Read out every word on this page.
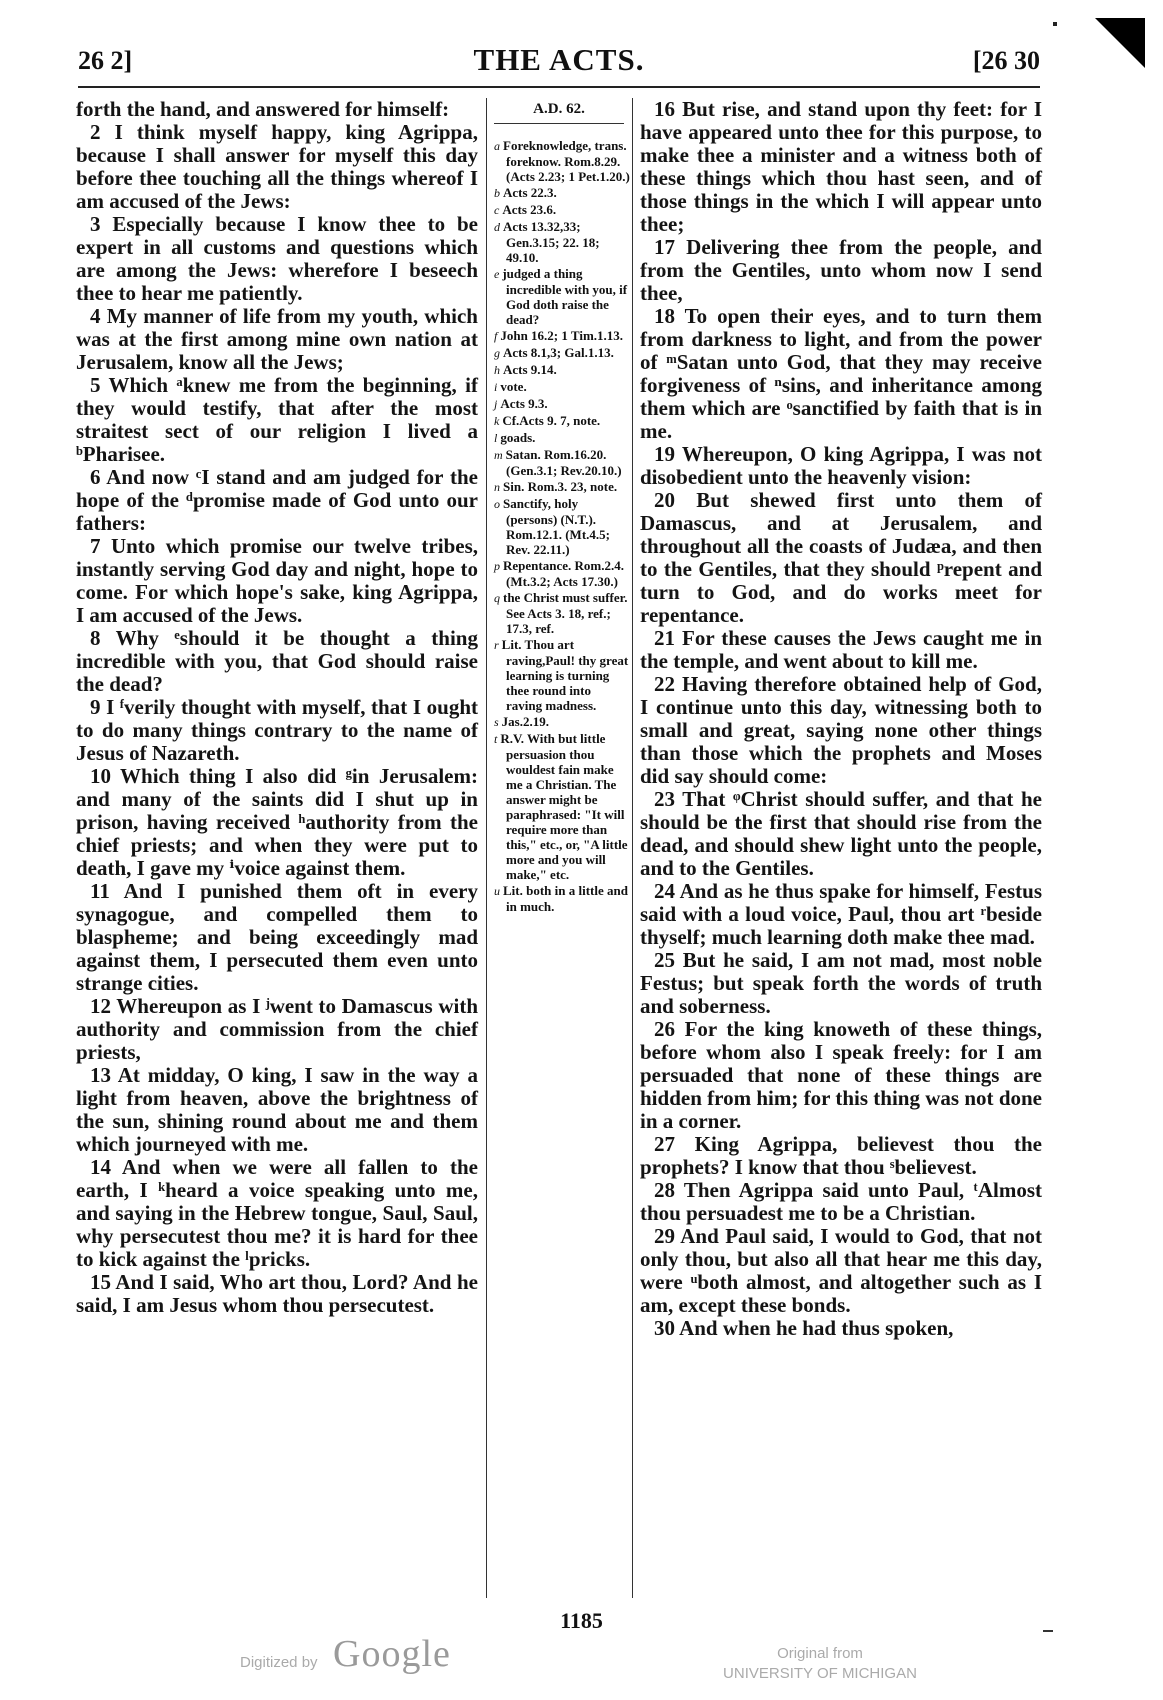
26 2]	THE ACTS.	[26 30

forth the hand, and answered for himself:

2 I think myself happy, king Agrippa, because I shall answer for myself this day before thee touching all the things whereof I am accused of the Jews:

3 Especially because I know thee to be expert in all customs and questions which are among the Jews: wherefore I beseech thee to hear me patiently.

4 My manner of life from my youth, which was at the first among mine own nation at Jerusalem, know all the Jews;

5 Which ᵃknew me from the beginning, if they would testify, that after the most straitest sect of our religion I lived a ᵇPharisee.

6 And now ᶜI stand and am judged for the hope of the ᵈpromise made of God unto our fathers:

7 Unto which promise our twelve tribes, instantly serving God day and night, hope to come. For which hope's sake, king Agrippa, I am accused of the Jews.

8 Why ᵉshould it be thought a thing incredible with you, that God should raise the dead?

9 I ᶠverily thought with myself, that I ought to do many things contrary to the name of Jesus of Nazareth.

10 Which thing I also did ᵍin Jerusalem: and many of the saints did I shut up in prison, having received ʰauthority from the chief priests; and when they were put to death, I gave my ⁱvoice against them.

11 And I punished them oft in every synagogue, and compelled them to blaspheme; and being exceedingly mad against them, I persecuted them even unto strange cities.

12 Whereupon as I ʲwent to Damascus with authority and commission from the chief priests,

13 At midday, O king, I saw in the way a light from heaven, above the brightness of the sun, shining round about me and them which journeyed with me.

14 And when we were all fallen to the earth, I ᵏheard a voice speaking unto me, and saying in the Hebrew tongue, Saul, Saul, why persecutest thou me? it is hard for thee to kick against the ˡpricks.

15 And I said, Who art thou, Lord? And he said, I am Jesus whom thou persecutest.

A.D. 62.
a Foreknowledge, trans. foreknow. Rom.8.29. (Acts 2.23; 1 Pet.1.20.)
b Acts 22.3.
c Acts 23.6.
d Acts 13.32,33; Gen.3.15; 22. 18; 49.10.
e judged a thing incredible with you, if God doth raise the dead?
f John 16.2; 1 Tim.1.13.
g Acts 8.1,3; Gal.1.13.
h Acts 9.14.
i vote.
j Acts 9.3.
k Cf.Acts 9. 7, note.
l goads.
m Satan. Rom.16.20. (Gen.3.1; Rev.20.10.)
n Sin. Rom.3. 23, note.
o Sanctify, holy (persons) (N.T.). Rom.12.1. (Mt.4.5; Rev. 22.11.)
p Repentance. Rom.2.4. (Mt.3.2; Acts 17.30.)
q the Christ must suffer. See Acts 3. 18, ref.; 17.3, ref.
r Lit. Thou art raving,Paul! thy great learning is turning thee round into raving madness.
s Jas.2.19.
t R.V. With but little persuasion thou wouldest fain make me a Christian. The answer might be paraphrased: "It will require more than this," etc., or, "A little more and you will make," etc.
u Lit. both in a little and in much.

16 But rise, and stand upon thy feet: for I have appeared unto thee for this purpose, to make thee a minister and a witness both of these things which thou hast seen, and of those things in the which I will appear unto thee;

17 Delivering thee from the people, and from the Gentiles, unto whom now I send thee,

18 To open their eyes, and to turn them from darkness to light, and from the power of ᵐSatan unto God, that they may receive forgiveness of ⁿsins, and inheritance among them which are ᵒsanctified by faith that is in me.

19 Whereupon, O king Agrippa, I was not disobedient unto the heavenly vision:

20 But shewed first unto them of Damascus, and at Jerusalem, and throughout all the coasts of Judæa, and then to the Gentiles, that they should ᵖrepent and turn to God, and do works meet for repentance.

21 For these causes the Jews caught me in the temple, and went about to kill me.

22 Having therefore obtained help of God, I continue unto this day, witnessing both to small and great, saying none other things than those which the prophets and Moses did say should come:

23 That ᵠChrist should suffer, and that he should be the first that should rise from the dead, and should shew light unto the people, and to the Gentiles.

24 And as he thus spake for himself, Festus said with a loud voice, Paul, thou art ʳbeside thyself; much learning doth make thee mad.

25 But he said, I am not mad, most noble Festus; but speak forth the words of truth and soberness.

26 For the king knoweth of these things, before whom also I speak freely: for I am persuaded that none of these things are hidden from him; for this thing was not done in a corner.

27 King Agrippa, believest thou the prophets? I know that thou ˢbelievest.

28 Then Agrippa said unto Paul, ᵗAlmost thou persuadest me to be a Christian.

29 And Paul said, I would to God, that not only thou, but also all that hear me this day, were ᵘboth almost, and altogether such as I am, except these bonds.

30 And when he had thus spoken,

1185
Digitized by Google	Original from
UNIVERSITY OF MICHIGAN
